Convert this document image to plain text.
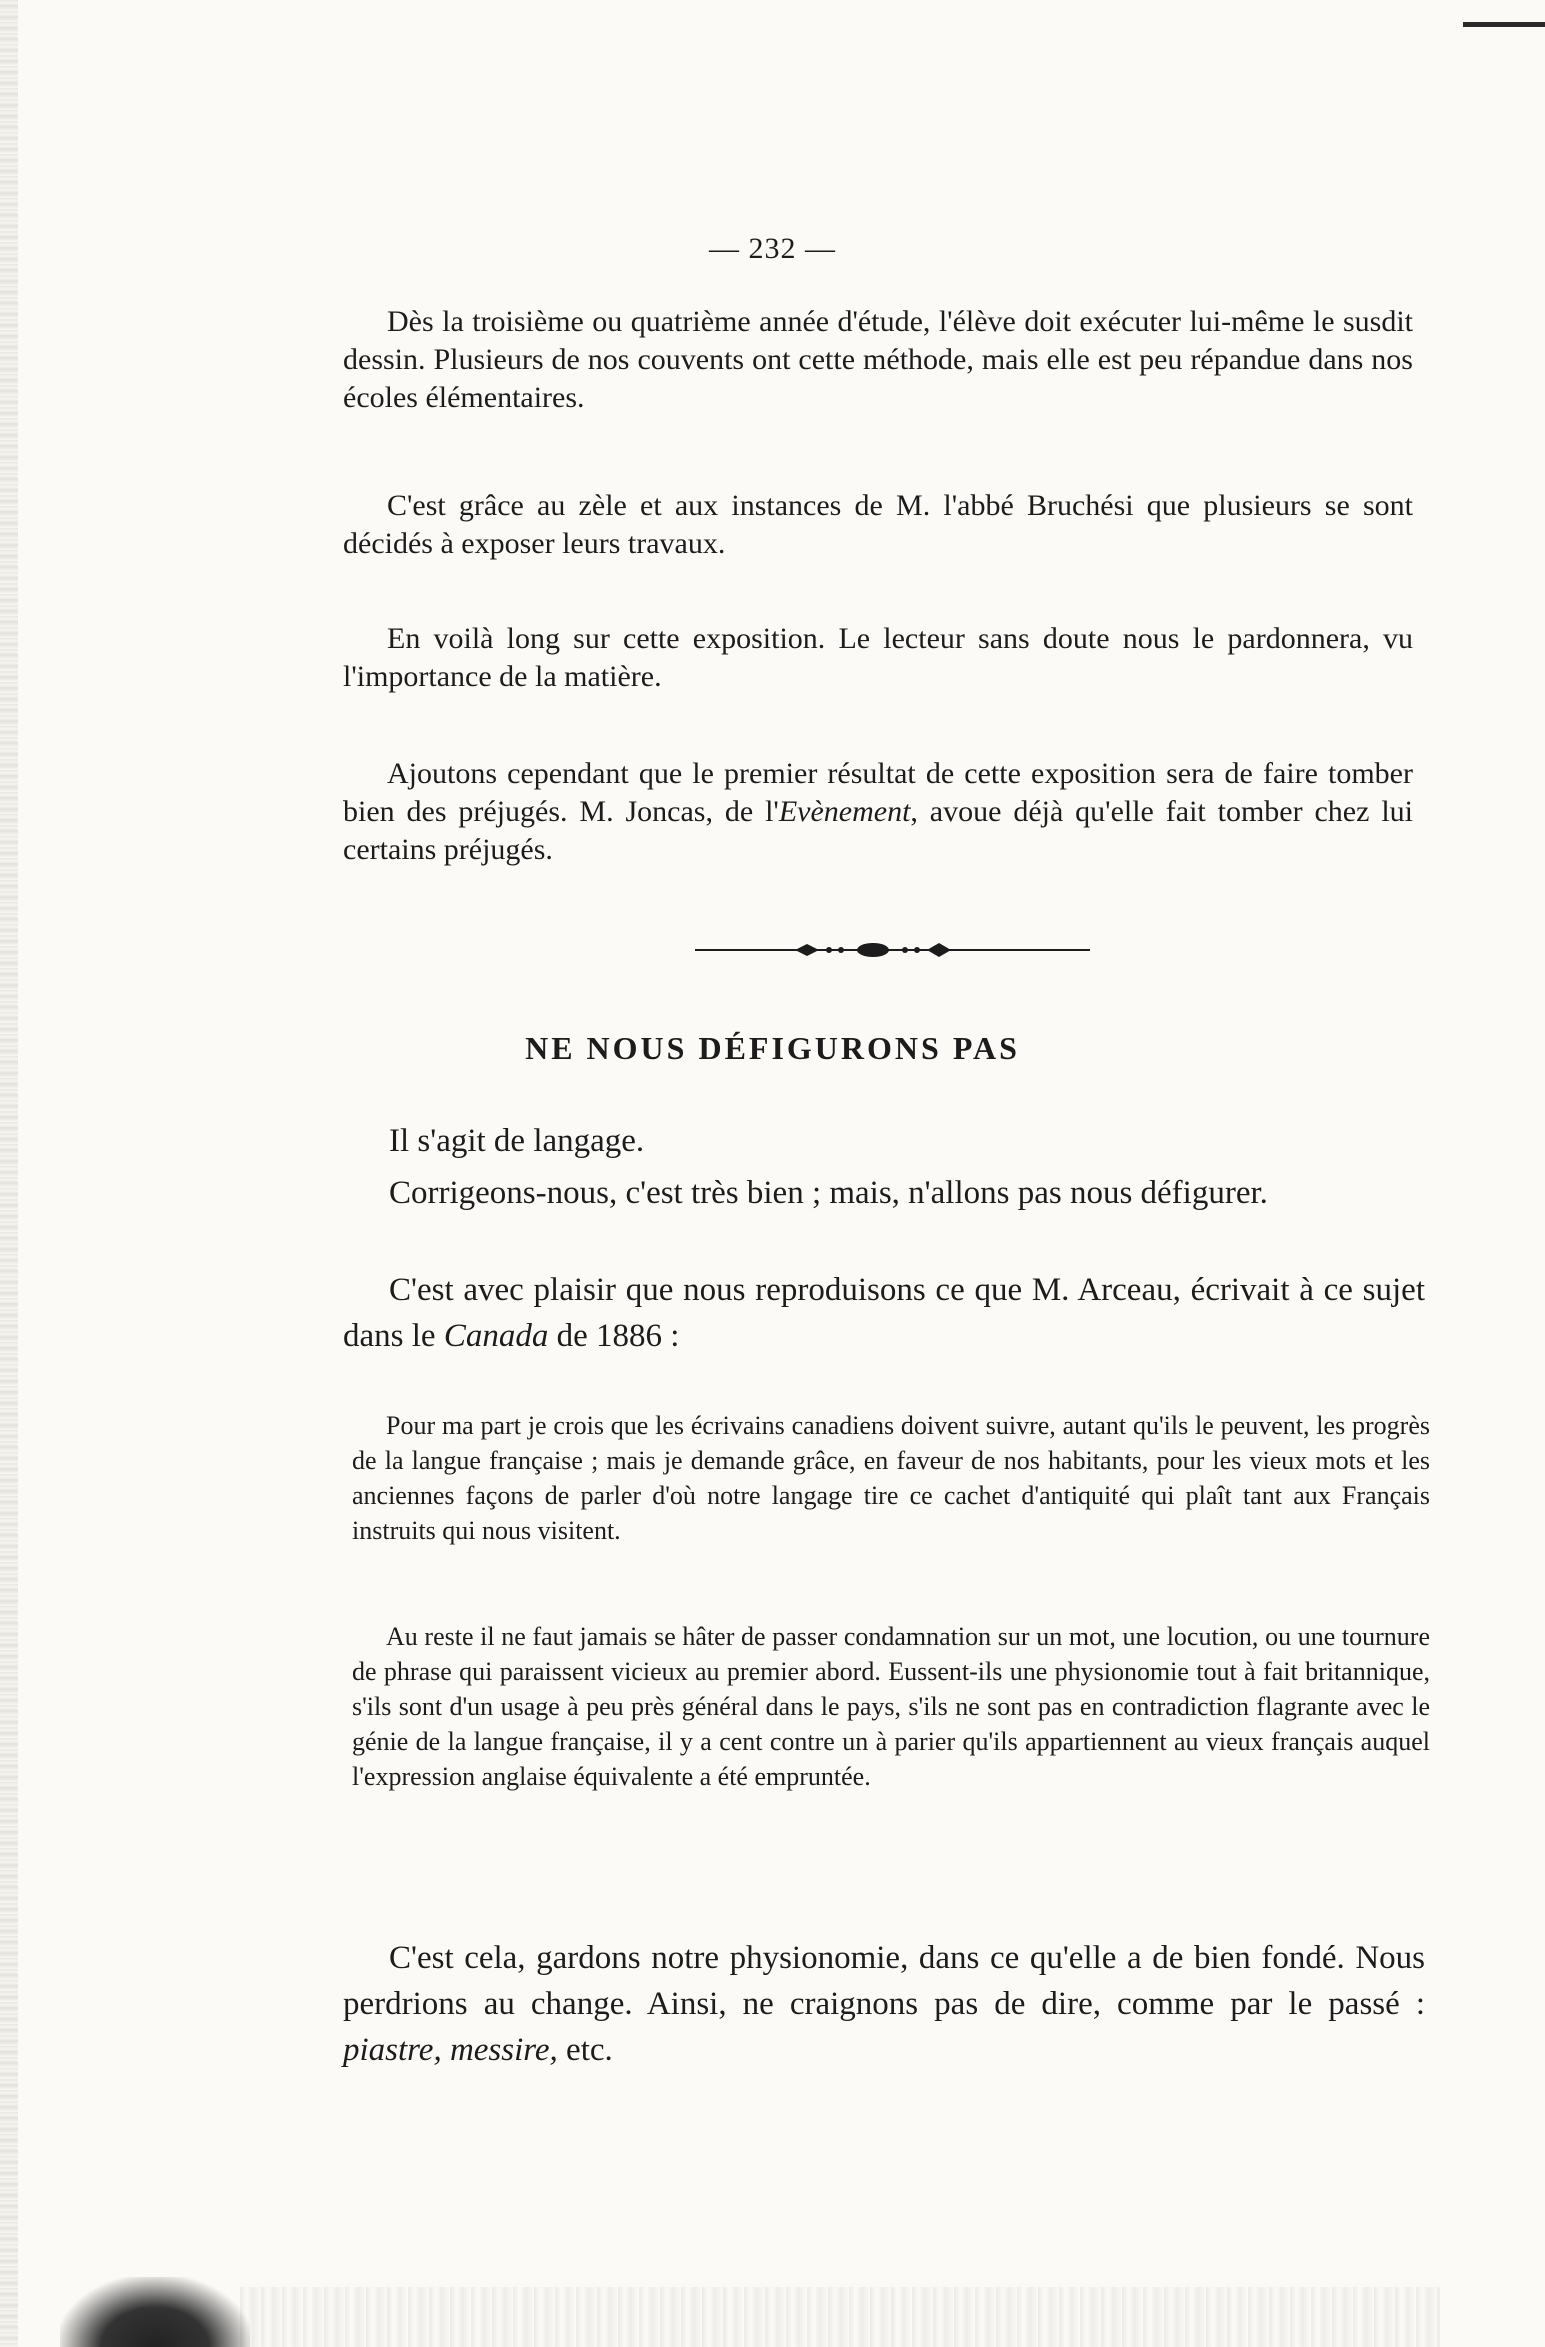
— 232 —
Dès la troisième ou quatrième année d'étude, l'élève doit exécuter lui-même le susdit dessin. Plusieurs de nos couvents ont cette méthode, mais elle est peu répandue dans nos écoles élémentaires.
C'est grâce au zèle et aux instances de M. l'abbé Bruchési que plusieurs se sont décidés à exposer leurs travaux.
En voilà long sur cette exposition. Le lecteur sans doute nous le pardonnera, vu l'importance de la matière.
Ajoutons cependant que le premier résultat de cette exposition sera de faire tomber bien des préjugés. M. Joncas, de l'Evènement, avoue déjà qu'elle fait tomber chez lui certains préjugés.
NE NOUS DÉFIGURONS PAS
Il s'agit de langage.
Corrigeons-nous, c'est très bien ; mais, n'allons pas nous défigurer.
C'est avec plaisir que nous reproduisons ce que M. Arceau, écrivait à ce sujet dans le Canada de 1886 :
Pour ma part je crois que les écrivains canadiens doivent suivre, autant qu'ils le peuvent, les progrès de la langue française ; mais je demande grâce, en faveur de nos habitants, pour les vieux mots et les anciennes façons de parler d'où notre langage tire ce cachet d'antiquité qui plaît tant aux Français instruits qui nous visitent.
Au reste il ne faut jamais se hâter de passer condamnation sur un mot, une locution, ou une tournure de phrase qui paraissent vicieux au premier abord. Eussent-ils une physionomie tout à fait britannique, s'ils sont d'un usage à peu près général dans le pays, s'ils ne sont pas en contradiction flagrante avec le génie de la langue française, il y a cent contre un à parier qu'ils appartiennent au vieux français auquel l'expression anglaise équivalente a été empruntée.
C'est cela, gardons notre physionomie, dans ce qu'elle a de bien fondé. Nous perdrions au change. Ainsi, ne craignons pas de dire, comme par le passé : piastre, messire, etc.
